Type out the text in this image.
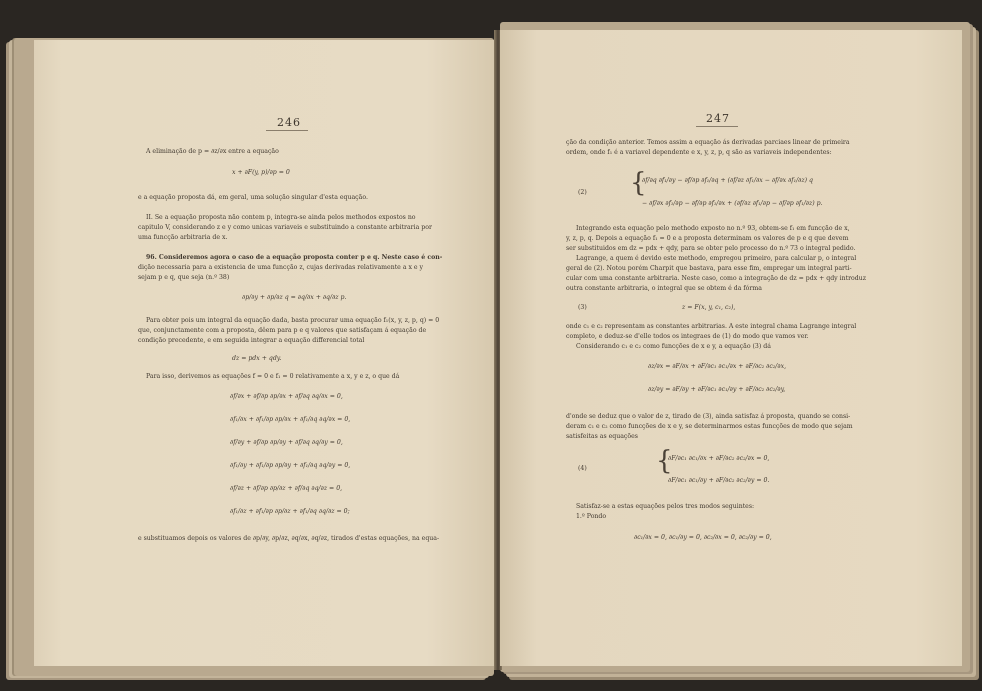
246
A eliminação de p = ∂z/∂x entre a equação
x + ∂F(y, p)/∂p = 0
e a equação proposta dá, em geral, uma solução singular d'esta equação.
II. Se a equação proposta não contem p, integra-se ainda pelos methodos expostos no
capitulo V, considerando z e y como unicas variaveis e substituindo a constante arbitraria por
uma funcção arbitraria de x.
96. Consideremos agora o caso de a equação proposta conter p e q. Neste caso é con-
dição necessaria para a existencia de uma funcção z, cujas derivadas relativamente a x e y
sejam p e q, que seja (n.º 38)
∂p/∂y + ∂p/∂z q = ∂q/∂x + ∂q/∂z p.
Para obter pois um integral da equação dada, basta procurar uma equação f₁(x, y, z, p, q) = 0
que, conjunctamente com a proposta, dêem para p e q valores que satisfaçam á equação de
condição precedente, e em seguida integrar a equação differencial total
dz = pdx + qdy.
Para isso, derivemos as equações f = 0 e f₁ = 0 relativamente a x, y e z, o que dá
∂f/∂x + ∂f/∂p ∂p/∂x + ∂f/∂q ∂q/∂x = 0,
∂f₁/∂x + ∂f₁/∂p ∂p/∂x + ∂f₁/∂q ∂q/∂x = 0,
∂f/∂y + ∂f/∂p ∂p/∂y + ∂f/∂q ∂q/∂y = 0,
∂f₁/∂y + ∂f₁/∂p ∂p/∂y + ∂f₁/∂q ∂q/∂y = 0,
∂f/∂z + ∂f/∂p ∂p/∂z + ∂f/∂q ∂q/∂z = 0,
∂f₁/∂z + ∂f₁/∂p ∂p/∂z + ∂f₁/∂q ∂q/∂z = 0;
e substituamos depois os valores de ∂p/∂y, ∂p/∂z, ∂q/∂x, ∂q/∂z, tirados d'estas equações, na equa-
247
ção da condição anterior. Temos assim a equação ás derivadas parciaes linear de primeira
ordem, onde f₁ é a variavel dependente e x, y, z, p, q são as variaveis independentes:
(2) {
∂f/∂q ∂f₁/∂y − ∂f/∂p ∂f₁/∂q + (∂f/∂z ∂f₁/∂x − ∂f/∂x ∂f₁/∂z) q
− ∂f/∂x ∂f₁/∂p − ∂f/∂p ∂f₁/∂x + (∂f/∂z ∂f₁/∂p − ∂f/∂p ∂f₁/∂z) p.
Integrando esta equação pelo methodo exposto no n.º 93, obtem-se f₁ em funcção de x,
y, z, p, q. Depois a equação f₁ = 0 e a proposta determinam os valores de p e q que devem
ser substituidos em dz = pdx + qdy, para se obter pelo processo do n.º 73 o integral pedido.
Lagrange, a quem é devido este methodo, empregou primeiro, para calcular p, o integral
geral de (2). Notou porém Charpit que bastava, para esse fim, empregar um integral parti-
cular com uma constante arbitraria. Neste caso, como a integração de dz = pdx + qdy introduz
outra constante arbitraria, o integral que se obtem é da fórma
(3)	z = F(x, y, c₁, c₂),
onde c₁ e c₂ representam as constantes arbitrarias. A este integral chama Lagrange integral
completo, e deduz-se d'elle todos os integraes de (1) do modo que vamos ver.
Considerando c₁ e c₂ como funcções de x e y, a equação (3) dá
∂z/∂x = ∂F/∂x + ∂F/∂c₁ ∂c₁/∂x + ∂F/∂c₂ ∂c₂/∂x,
∂z/∂y = ∂F/∂y + ∂F/∂c₁ ∂c₁/∂y + ∂F/∂c₂ ∂c₂/∂y,
d'onde se deduz que o valor de z, tirado de (3), ainda satisfaz á proposta, quando se consi-
deram c₁ e c₂ como funcções de x e y, se determinarmos estas funcções de modo que sejam
satisfeitas as equações
(4)	{
∂F/∂c₁ ∂c₁/∂x + ∂F/∂c₂ ∂c₂/∂x = 0,
∂F/∂c₁ ∂c₁/∂y + ∂F/∂c₂ ∂c₂/∂y = 0.
Satisfaz-se a estas equações pelos tres modos seguintes:
1.º Pondo
∂c₁/∂x = 0, ∂c₁/∂y = 0, ∂c₂/∂x = 0, ∂c₂/∂y = 0,
